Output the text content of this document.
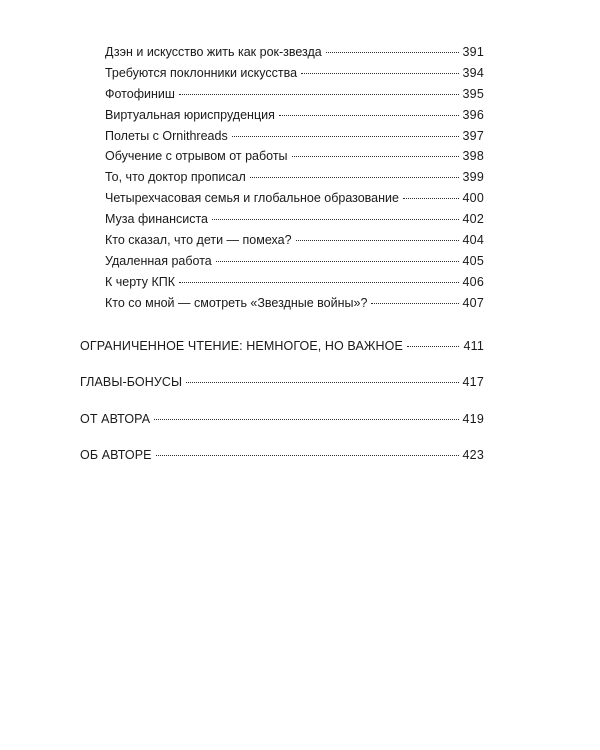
Дзэн и искусство жить как рок-звезда	391
Требуются поклонники искусства	394
Фотофиниш	395
Виртуальная юриспруденция	396
Полеты с Ornithreads	397
Обучение с отрывом от работы	398
То, что доктор прописал	399
Четырехчасовая семья и глобальное образование	400
Муза финансиста	402
Кто сказал, что дети — помеха?	404
Удаленная работа	405
К черту КПК	406
Кто со мной — смотреть «Звездные войны»?	407
ОГРАНИЧЕННОЕ ЧТЕНИЕ: НЕМНОГОЕ, НО ВАЖНОЕ	411
ГЛАВЫ-БОНУСЫ	417
ОТ АВТОРА	419
ОБ АВТОРЕ	423
